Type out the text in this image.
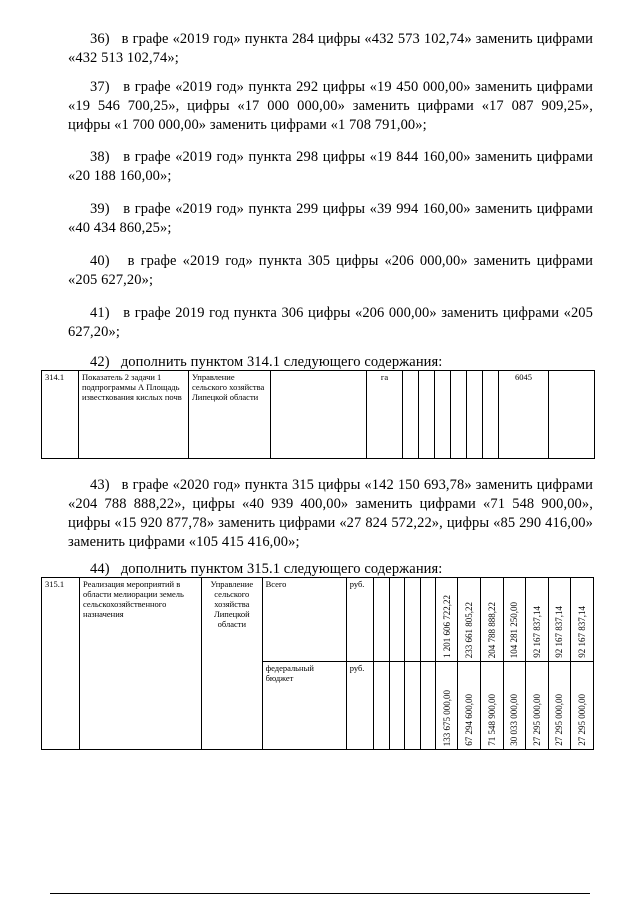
36) в графе «2019 год» пункта 284 цифры «432 573 102,74» заменить цифрами «432 513 102,74»;
37) в графе «2019 год» пункта 292 цифры «19 450 000,00» заменить цифрами «19 546 700,25», цифры «17 000 000,00» заменить цифрами «17 087 909,25», цифры «1 700 000,00» заменить цифрами «1 708 791,00»;
38) в графе «2019 год» пункта 298 цифры «19 844 160,00» заменить цифрами «20 188 160,00»;
39) в графе «2019 год» пункта 299 цифры «39 994 160,00» заменить цифрами «40 434 860,25»;
40) в графе «2019 год» пункта 305 цифры «206 000,00» заменить цифрами «205 627,20»;
41) в графе 2019 год пункта 306 цифры «206 000,00» заменить цифрами «205 627,20»;
42) дополнить пунктом 314.1 следующего содержания:
314.1	Показатель 2 задачи 1 подпрограммы А Площадь известкования кислых почв	Управление сельского хозяйства Липецкой области		га							6045	
43) в графе «2020 год» пункта 315 цифры «142 150 693,78» заменить цифрами «204 788 888,22», цифры «40 939 400,00» заменить цифрами «71 548 900,00», цифры «15 920 877,78» заменить цифрами «27 824 572,22», цифры «85 290 416,00» заменить цифрами «105 415 416,00»;
44) дополнить пунктом 315.1 следующего содержания:
315.1	Реализация мероприятий в области мелиорации земель сельскохозяйственного назначения	Управление сельского хозяйства Липецкой области	Всего	руб.					1 201 606 722,22	233 661 805,22	204 788 888,22	104 281 250,00	92 167 837,14	92 167 837,14	92 167 837,14

			федеральный бюджет	руб.					133 675 000,00	67 294 600,00	71 548 900,00	30 033 000,00	27 295 000,00	27 295 000,00	27 295 000,00
